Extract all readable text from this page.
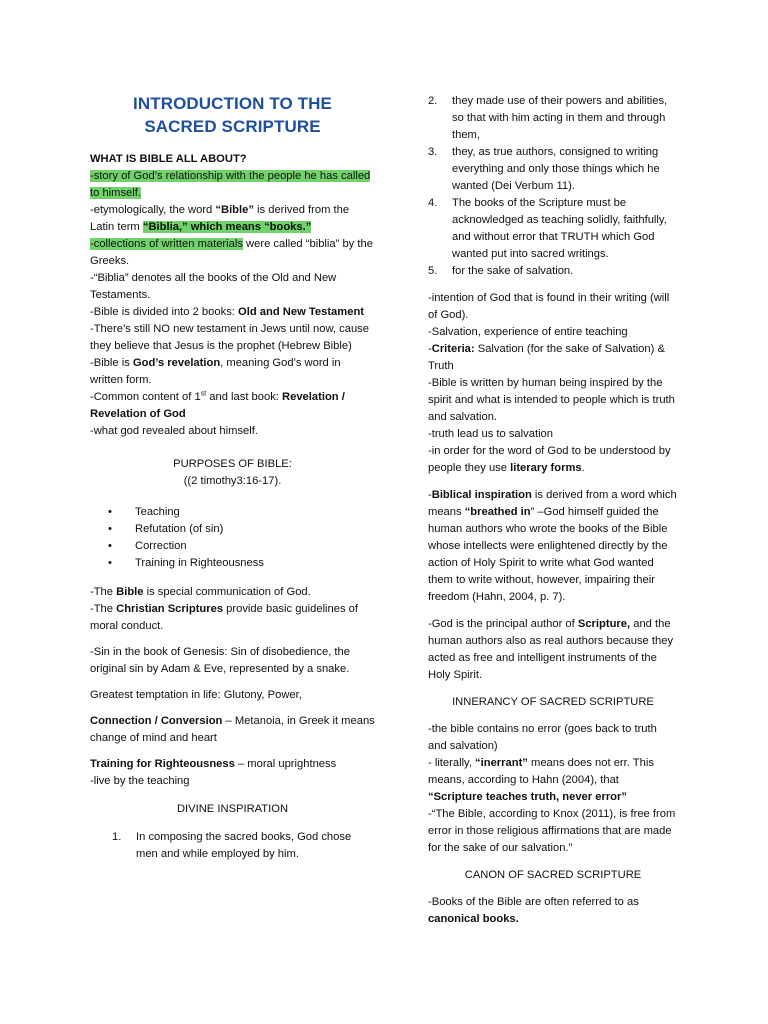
INTRODUCTION TO THE
SACRED SCRIPTURE

WHAT IS BIBLE ALL ABOUT?

-story of God’s relationship with the people he has called to himself.

-etymologically, the word “Bible” is derived from the Latin term “Biblia,” which means “books.”

-collections of written materials were called “biblia” by the Greeks.

-“Biblia” denotes all the books of the Old and New Testaments.

-Bible is divided into 2 books: Old and New Testament

-There’s still NO new testament in Jews until now, cause they believe that Jesus is the prophet (Hebrew Bible)

-Bible is God’s revelation, meaning God’s word in written form.

-Common content of 1st and last book: Revelation / Revelation of God

-what god revealed about himself.

PURPOSES OF BIBLE:

((2 timothy3:16-17).

• Teaching
• Refutation (of sin)
• Correction
• Training in Righteousness

-The Bible is special communication of God.

-The Christian Scriptures provide basic guidelines of moral conduct.

-Sin in the book of Genesis: Sin of disobedience, the original sin by Adam & Eve, represented by a snake.

Greatest temptation in life: Glutony, Power,

Connection / Conversion – Metanoia, in Greek it means change of mind and heart

Training for Righteousness – moral uprightness

-live by the teaching

DIVINE INSPIRATION

1. In composing the sacred books, God chose men and while employed by him.
2. they made use of their powers and abilities, so that with him acting in them and through them,
3. they, as true authors, consigned to writing everything and only those things which he wanted (Dei Verbum 11).
4. The books of the Scripture must be acknowledged as teaching solidly, faithfully, and without error that TRUTH which God wanted put into sacred writings.
5. for the sake of salvation.

-intention of God that is found in their writing (will of God).

-Salvation, experience of entire teaching

-Criteria: Salvation (for the sake of Salvation) & Truth

-Bible is written by human being inspired by the spirit and what is intended to people which is truth and salvation.

-truth lead us to salvation

-in order for the word of God to be understood by people they use literary forms.

-Biblical inspiration is derived from a word which means “breathed in” –God himself guided the human authors who wrote the books of the Bible whose intellects were enlightened directly by the action of Holy Spirit to write what God wanted them to write without, however, impairing their freedom (Hahn, 2004, p. 7).

-God is the principal author of Scripture, and the human authors also as real authors because they acted as free and intelligent instruments of the Holy Spirit.

INNERANCY OF SACRED SCRIPTURE

-the bible contains no error (goes back to truth and salvation)

- literally, “inerrant” means does not err. This means, according to Hahn (2004), that

“Scripture teaches truth, never error”

-“The Bible, according to Knox (2011), is free from error in those religious affirmations that are made for the sake of our salvation.”

CANON OF SACRED SCRIPTURE

-Books of the Bible are often referred to as canonical books.
